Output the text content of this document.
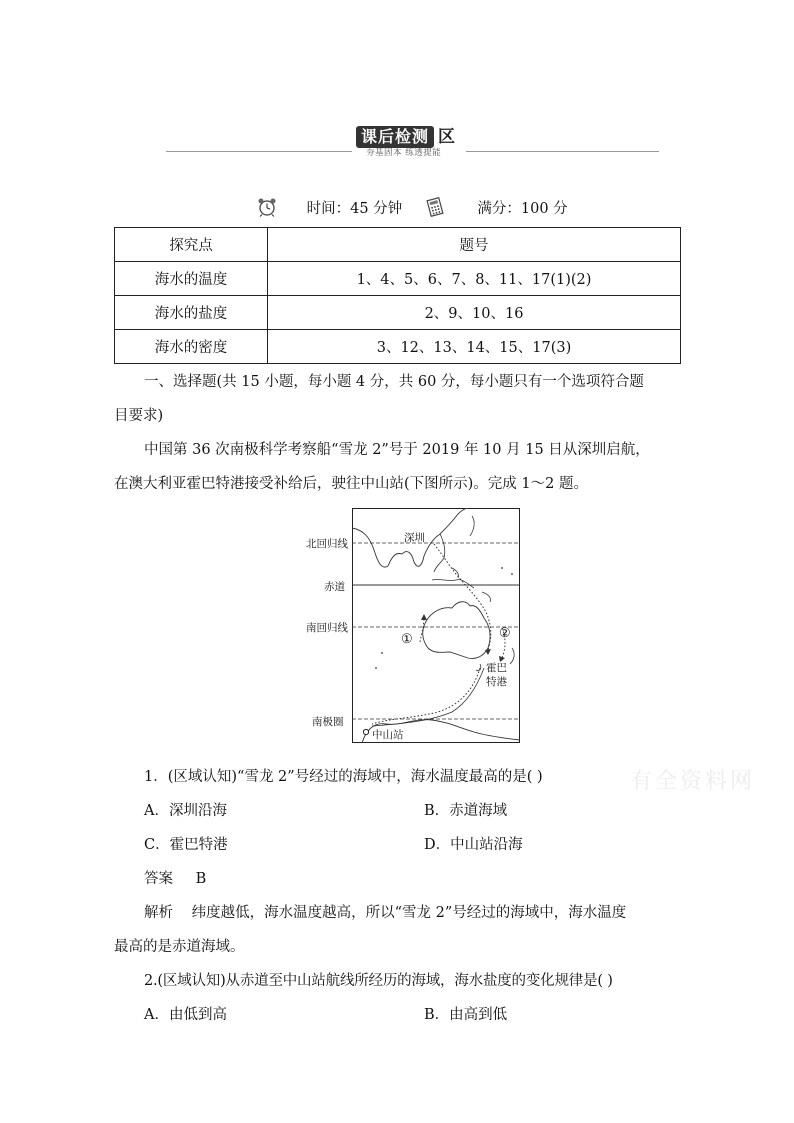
课后检测 区
夯基固本 练透提能
时间：45 分钟	满分：100 分
探究点	题号
海水的温度	1、4、5、6、7、8、11、17(1)(2)
海水的盐度	2、9、10、16
海水的密度	3、12、13、14、15、17(3)
一、选择题(共 15 小题，每小题 4 分，共 60 分，每小题只有一个选项符合题
目要求)
中国第 36 次南极科学考察船“雪龙 2”号于 2019 年 10 月 15 日从深圳启航，
在澳大利亚霍巴特港接受补给后，驶往中山站(下图所示)。完成 1～2 题。
北回归线
赤道
南回归线
南极圈
深圳
①	②
霍巴
特港
中山站
有全资料网
1．(区域认知)“雪龙 2”号经过的海域中，海水温度最高的是( )
A．深圳沿海	B．赤道海域
C．霍巴特港	D．中山站沿海
答案 B
解析 纬度越低，海水温度越高，所以“雪龙 2”号经过的海域中，海水温度
最高的是赤道海域。
2.(区域认知)从赤道至中山站航线所经历的海域，海水盐度的变化规律是( )
A．由低到高	B．由高到低
